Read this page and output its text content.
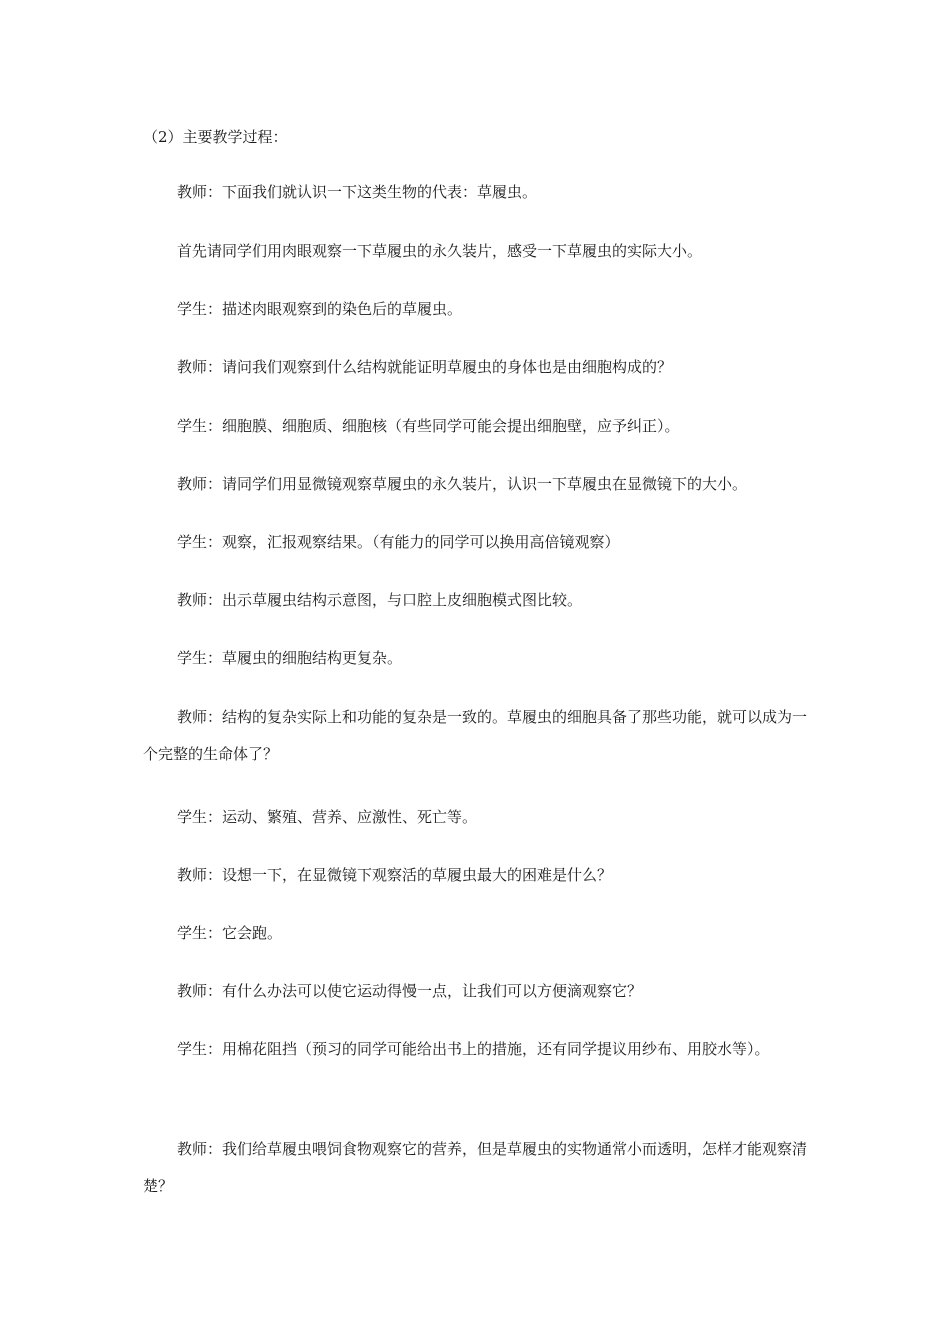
（2）主要教学过程：

教师：下面我们就认识一下这类生物的代表：草履虫。

首先请同学们用肉眼观察一下草履虫的永久装片，感受一下草履虫的实际大小。

学生：描述肉眼观察到的染色后的草履虫。

教师：请问我们观察到什么结构就能证明草履虫的身体也是由细胞构成的？

学生：细胞膜、细胞质、细胞核（有些同学可能会提出细胞壁，应予纠正）。

教师：请同学们用显微镜观察草履虫的永久装片，认识一下草履虫在显微镜下的大小。

学生：观察，汇报观察结果。（有能力的同学可以换用高倍镜观察）

教师：出示草履虫结构示意图，与口腔上皮细胞模式图比较。

学生：草履虫的细胞结构更复杂。

教师：结构的复杂实际上和功能的复杂是一致的。草履虫的细胞具备了那些功能，就可以成为一个完整的生命体了？

学生：运动、繁殖、营养、应激性、死亡等。

教师：设想一下，在显微镜下观察活的草履虫最大的困难是什么？

学生：它会跑。

教师：有什么办法可以使它运动得慢一点，让我们可以方便滴观察它？

学生：用棉花阻挡（预习的同学可能给出书上的措施，还有同学提议用纱布、用胶水等）。

教师：我们给草履虫喂饲食物观察它的营养，但是草履虫的实物通常小而透明，怎样才能观察清楚？
